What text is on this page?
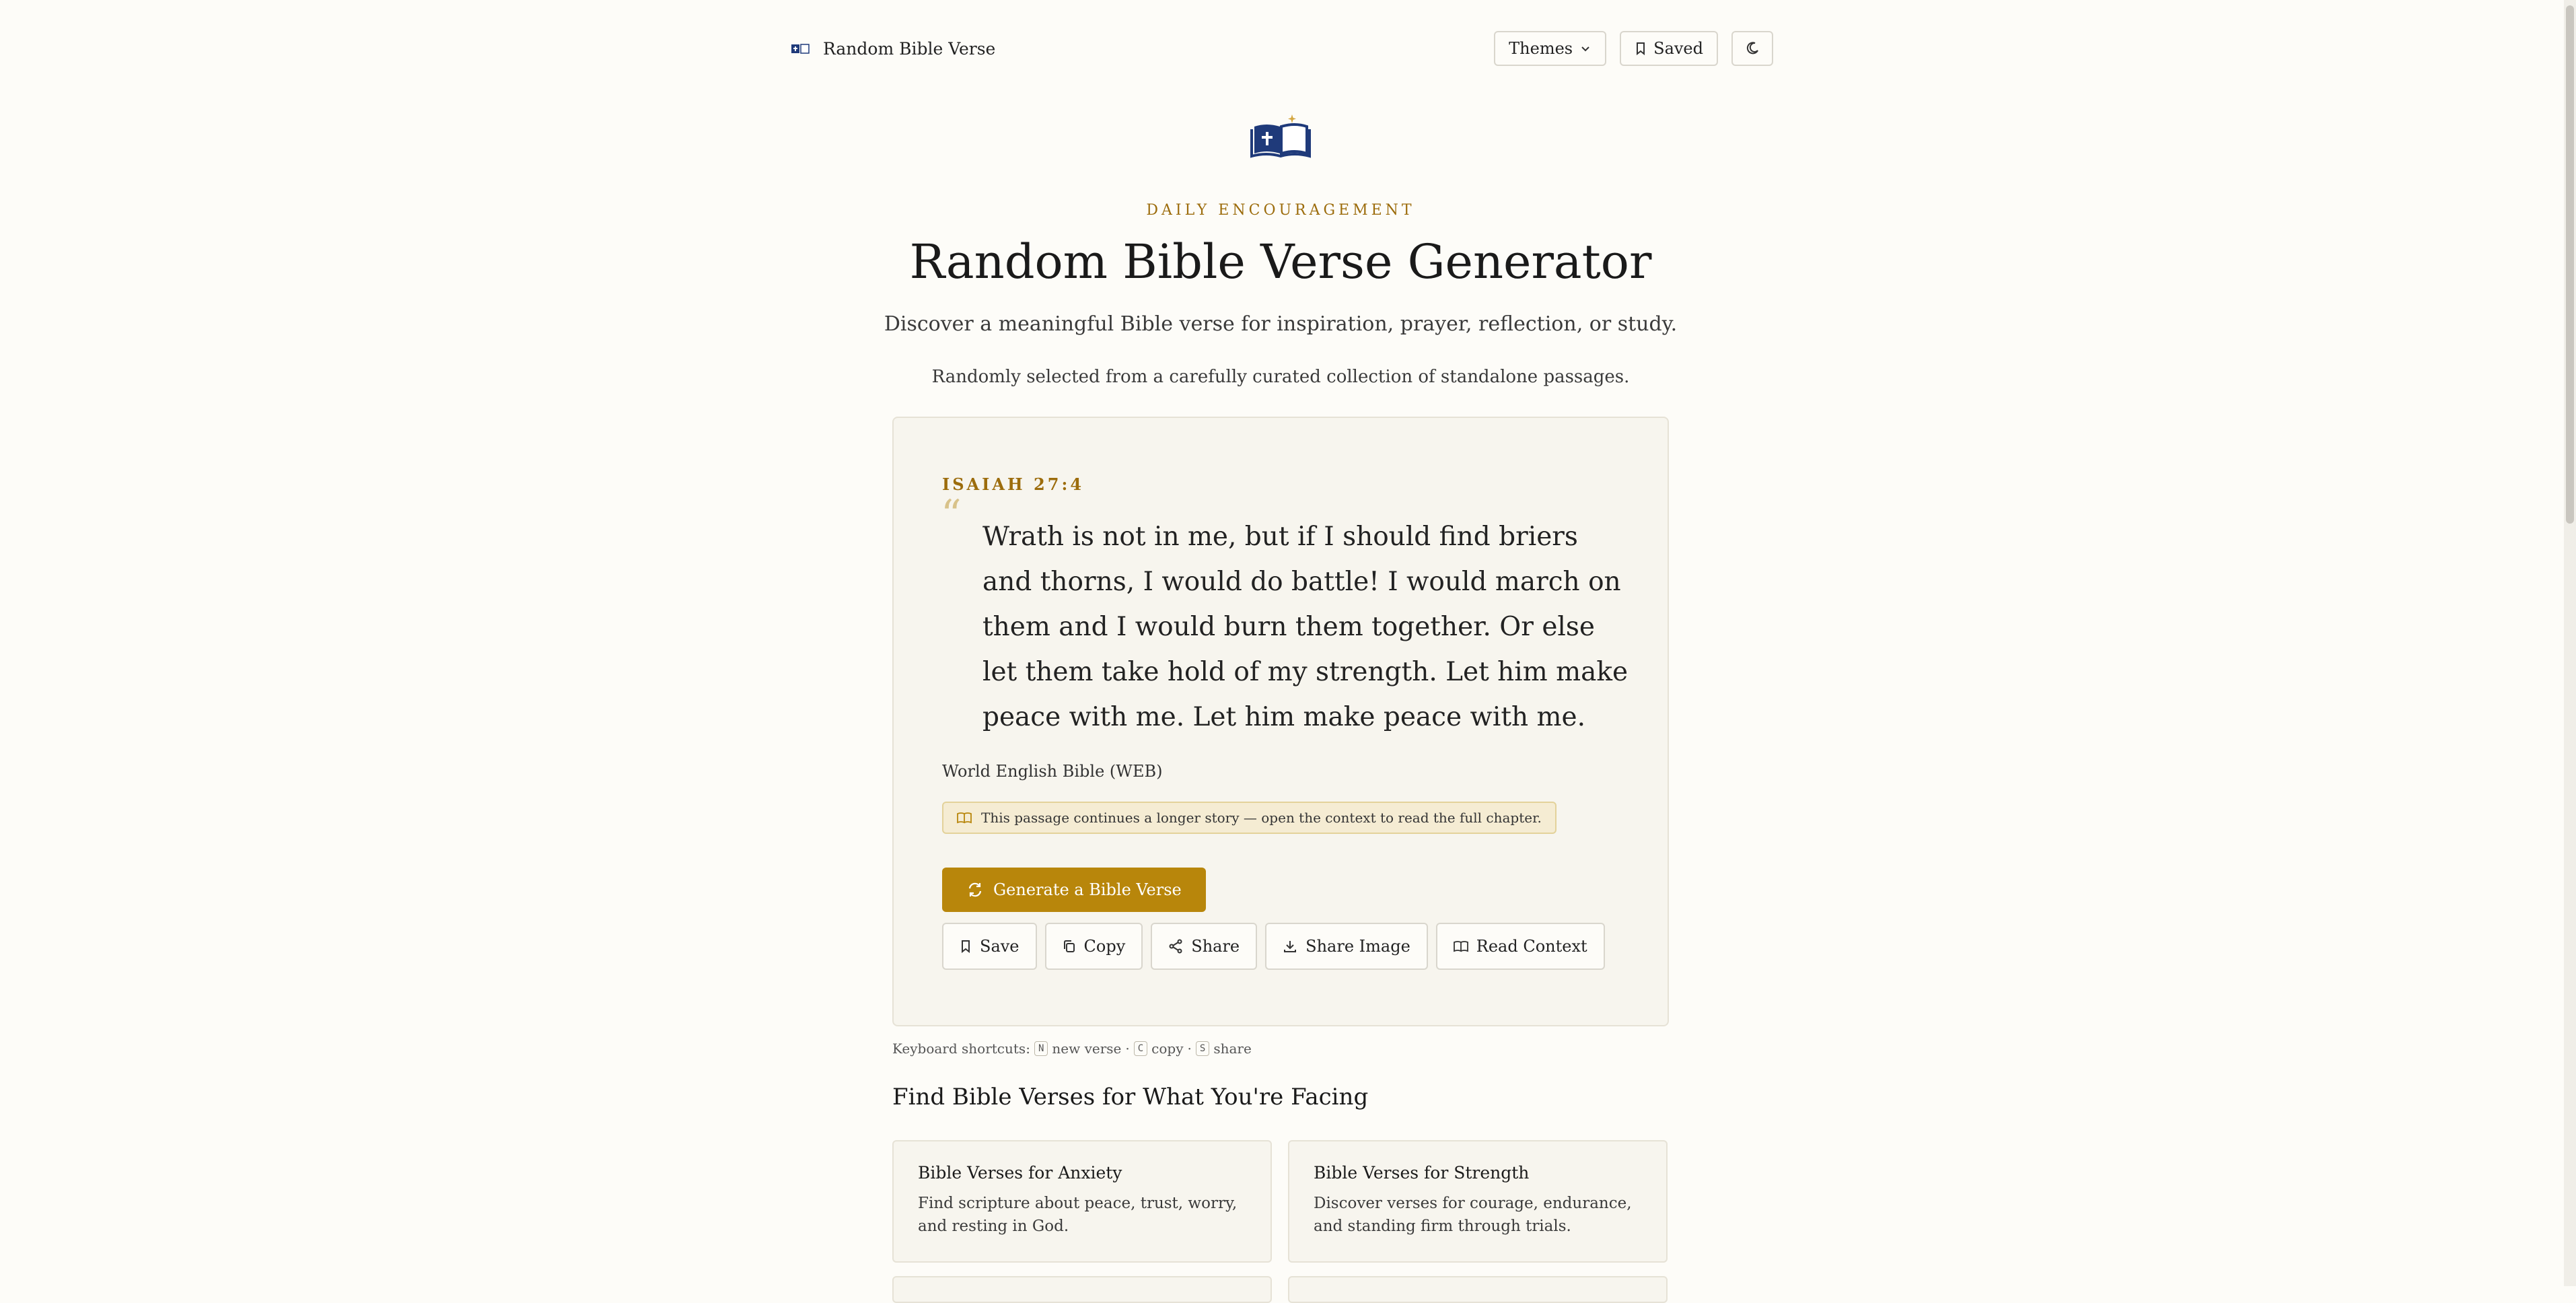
Random Bible Verse	Themes	Saved
DAILY ENCOURAGEMENT
Random Bible Verse Generator
Discover a meaningful Bible verse for inspiration, prayer, reflection, or study.
Randomly selected from a carefully curated collection of standalone passages.
ISAIAH 27:4
“ Wrath is not in me, but if I should find briers and thorns, I would do battle! I would march on them and I would burn them together. Or else let them take hold of my strength. Let him make peace with me. Let him make peace with me.
World English Bible (WEB)
This passage continues a longer story — open the context to read the full chapter.
Generate a Bible Verse
Save	Copy	Share	Share Image	Read Context
Keyboard shortcuts: N new verse · C copy · S share
Find Bible Verses for What You're Facing
Bible Verses for Anxiety

Find scripture about peace, trust, worry, and resting in God.

Bible Verses for Strength

Discover verses for courage, endurance, and standing firm through trials.
